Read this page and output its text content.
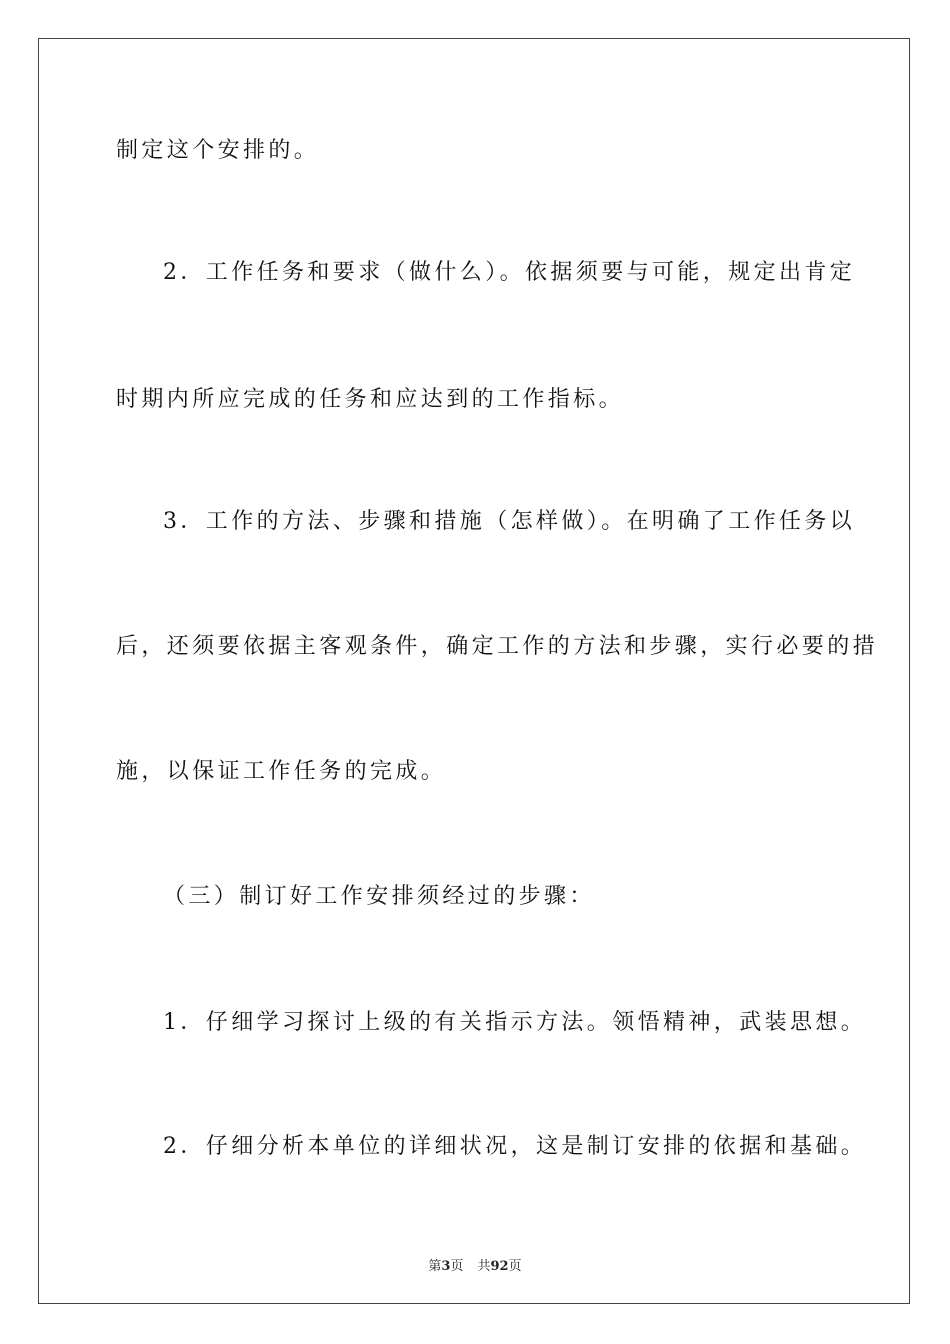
制定这个安排的。
2．工作任务和要求（做什么）。依据须要与可能，规定出肯定
时期内所应完成的任务和应达到的工作指标。
3．工作的方法、步骤和措施（怎样做）。在明确了工作任务以
后，还须要依据主客观条件，确定工作的方法和步骤，实行必要的措
施，以保证工作任务的完成。
（三）制订好工作安排须经过的步骤：
1．仔细学习探讨上级的有关指示方法。领悟精神，武装思想。
2．仔细分析本单位的详细状况，这是制订安排的依据和基础。
第3页 共92页
